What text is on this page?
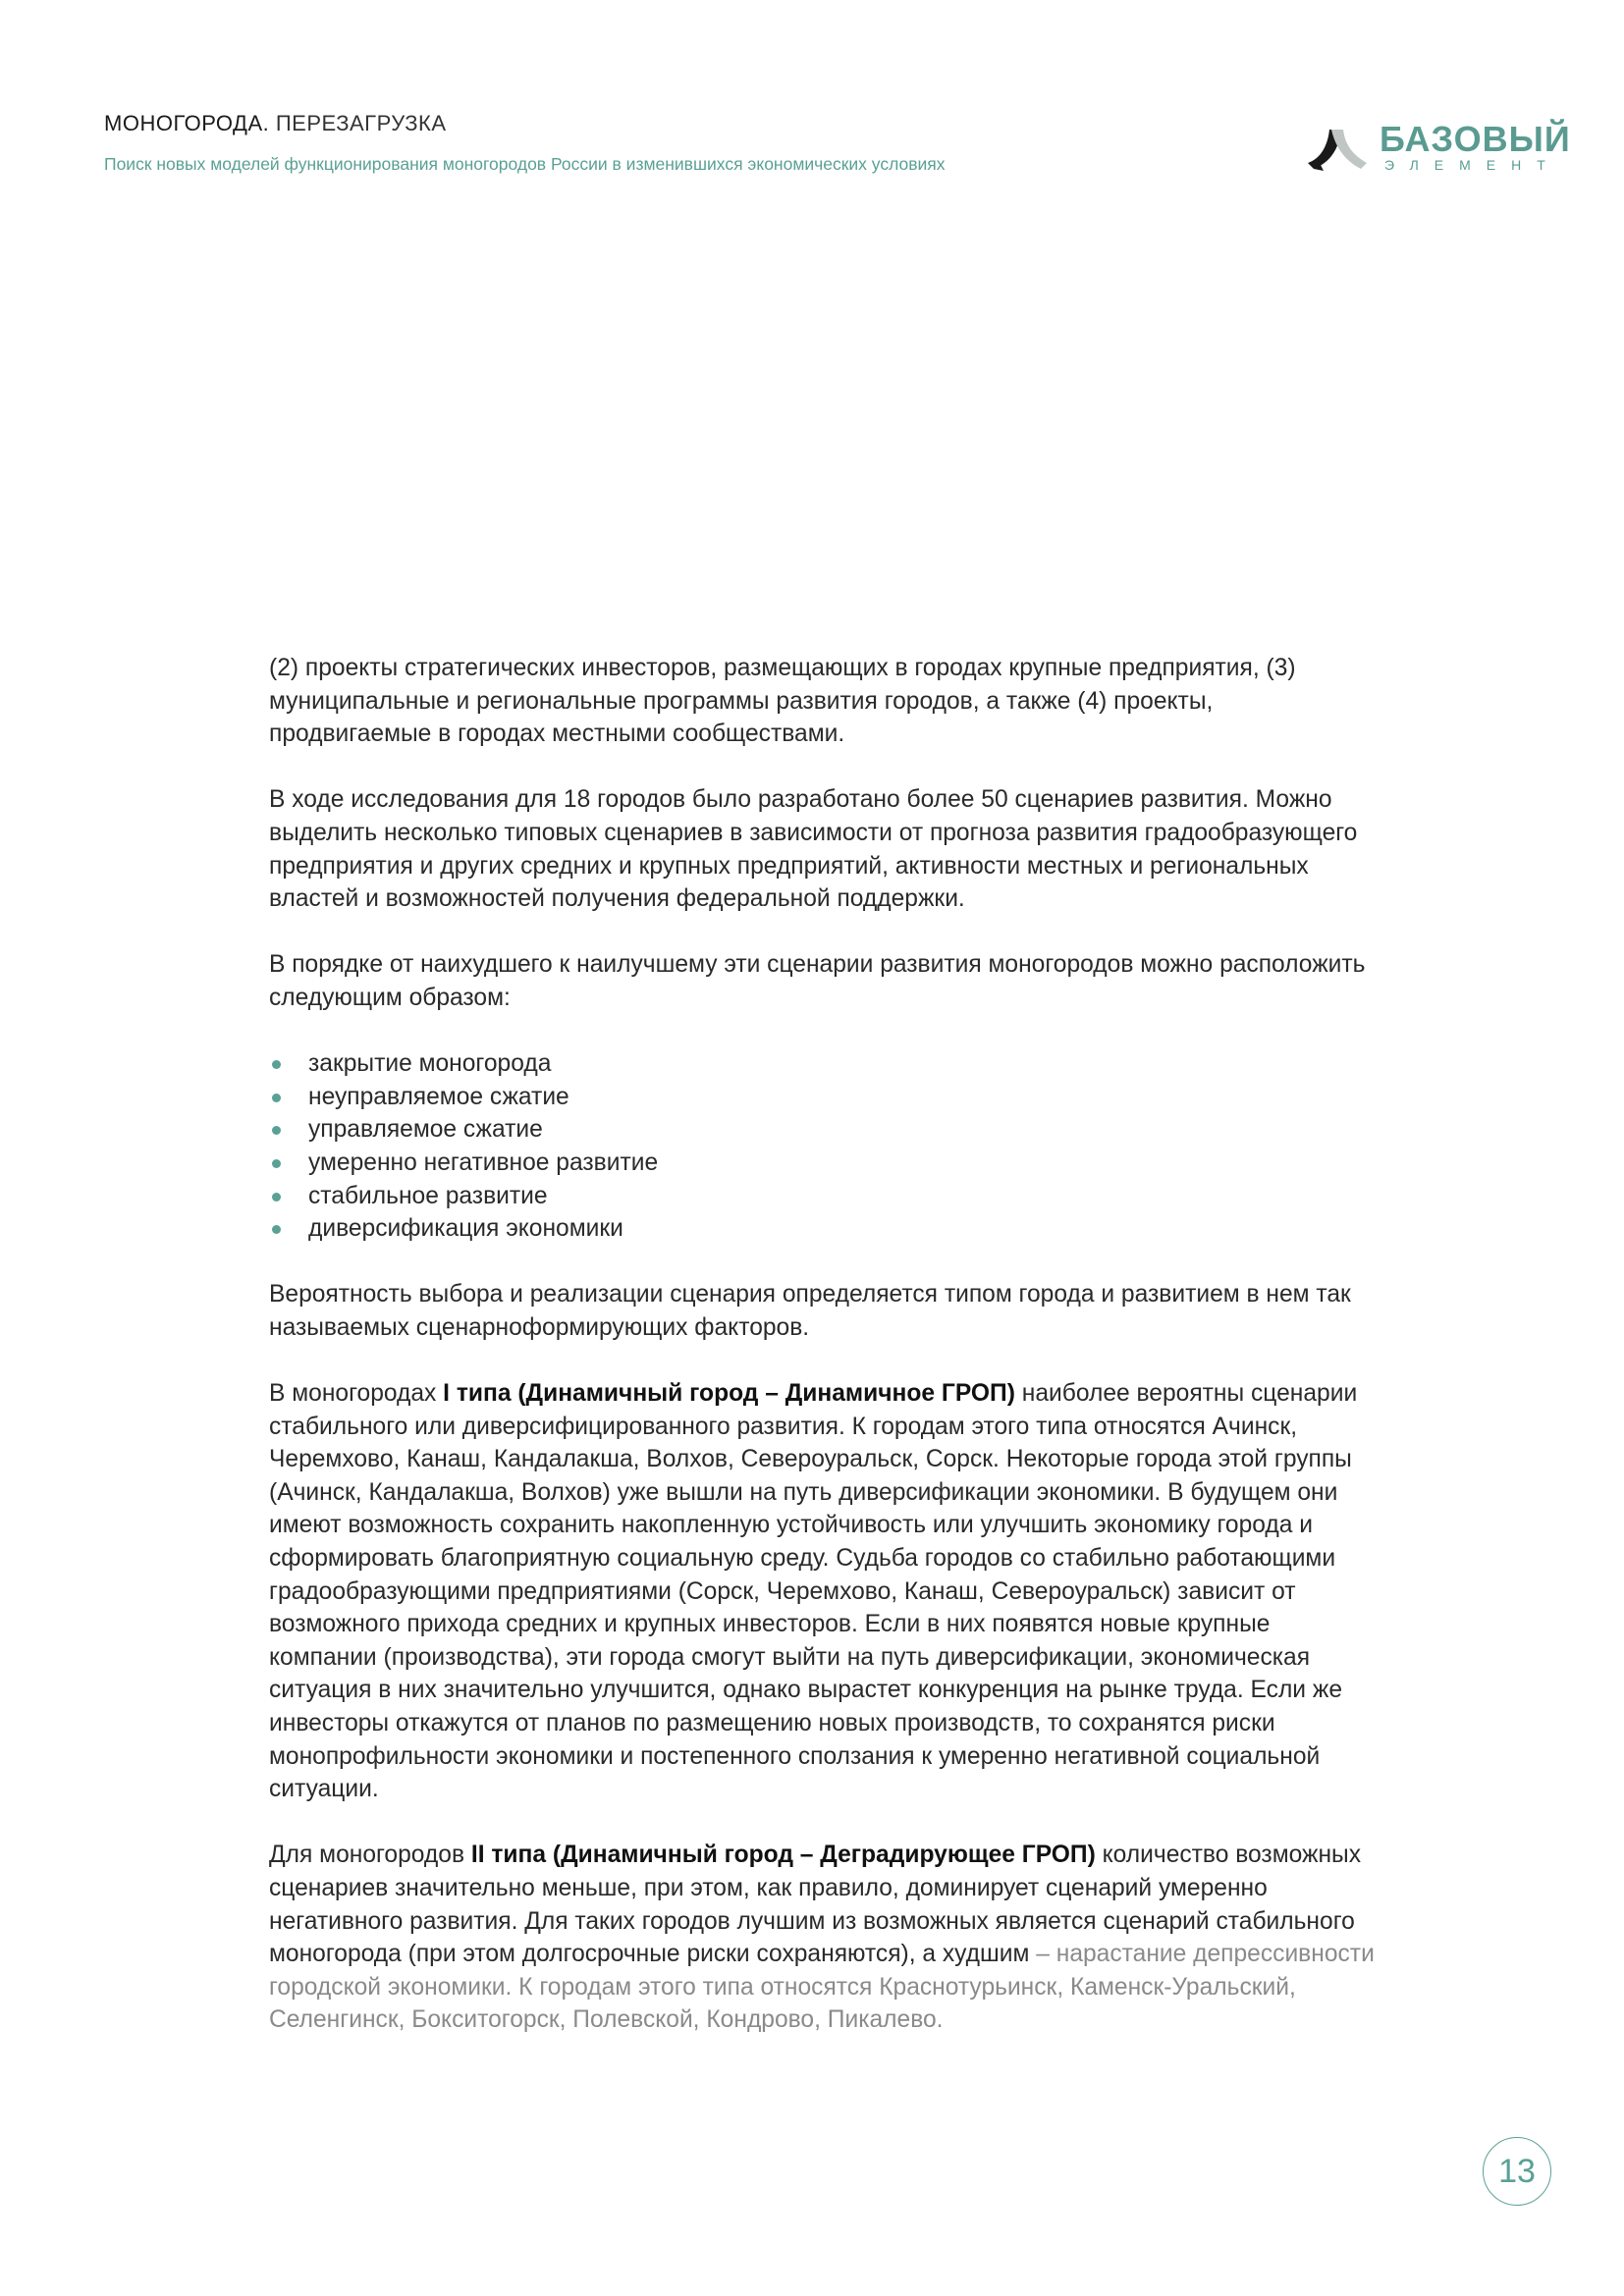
МОНОГОРОДА. ПЕРЕЗАГРУЗКА
Поиск новых моделей функционирования моногородов России в изменившихся экономических условиях
БАЗОВЫЙ
ЭЛЕМЕНТ

(2) проекты стратегических инвесторов, размещающих в городах крупные предприятия, (3) муниципальные и региональные программы развития городов, а также (4) проекты, продвигаемые в городах местными сообществами.

В ходе исследования для 18 городов было разработано более 50 сценариев развития. Можно выделить несколько типовых сценариев в зависимости от прогноза развития градообразующего предприятия и других средних и крупных предприятий, активности местных и региональных властей и возможностей получения федеральной поддержки.

В порядке от наихудшего к наилучшему эти сценарии развития моногородов можно расположить следующим образом:

закрытие моногорода
неуправляемое сжатие
управляемое сжатие
умеренно негативное развитие
стабильное развитие
диверсификация экономики

Вероятность выбора и реализации сценария определяется типом города и развитием в нем так называемых сценарноформирующих факторов.

В моногородах I типа (Динамичный город – Динамичное ГРОП) наиболее вероятны сценарии стабильного или диверсифицированного развития. К городам этого типа относятся Ачинск, Черемхово, Канаш, Кандалакша, Волхов, Североуральск, Сорск. Некоторые города этой группы (Ачинск, Кандалакша, Волхов) уже вышли на путь диверсификации экономики. В будущем они имеют возможность сохранить накопленную устойчивость или улучшить экономику города и сформировать благоприятную социальную среду. Судьба городов со стабильно работающими градообразующими предприятиями (Сорск, Черемхово, Канаш, Североуральск) зависит от возможного прихода средних и крупных инвесторов. Если в них появятся новые крупные компании (производства), эти города смогут выйти на путь диверсификации, экономическая ситуация в них значительно улучшится, однако вырастет конкуренция на рынке труда. Если же инвесторы откажутся от планов по размещению новых производств, то сохранятся риски монопрофильности экономики и постепенного сползания к умеренно негативной социальной ситуации.

Для моногородов II типа (Динамичный город – Деградирующее ГРОП) количество возможных сценариев значительно меньше, при этом, как правило, доминирует сценарий умеренно негативного развития. Для таких городов лучшим из возможных является сценарий стабильного моногорода (при этом долгосрочные риски сохраняются), а худшим – нарастание депрессивности городской экономики. К городам этого типа относятся Краснотурьинск, Каменск-Уральский, Селенгинск, Бокситогорск, Полевской, Кондрово, Пикалево.

13
